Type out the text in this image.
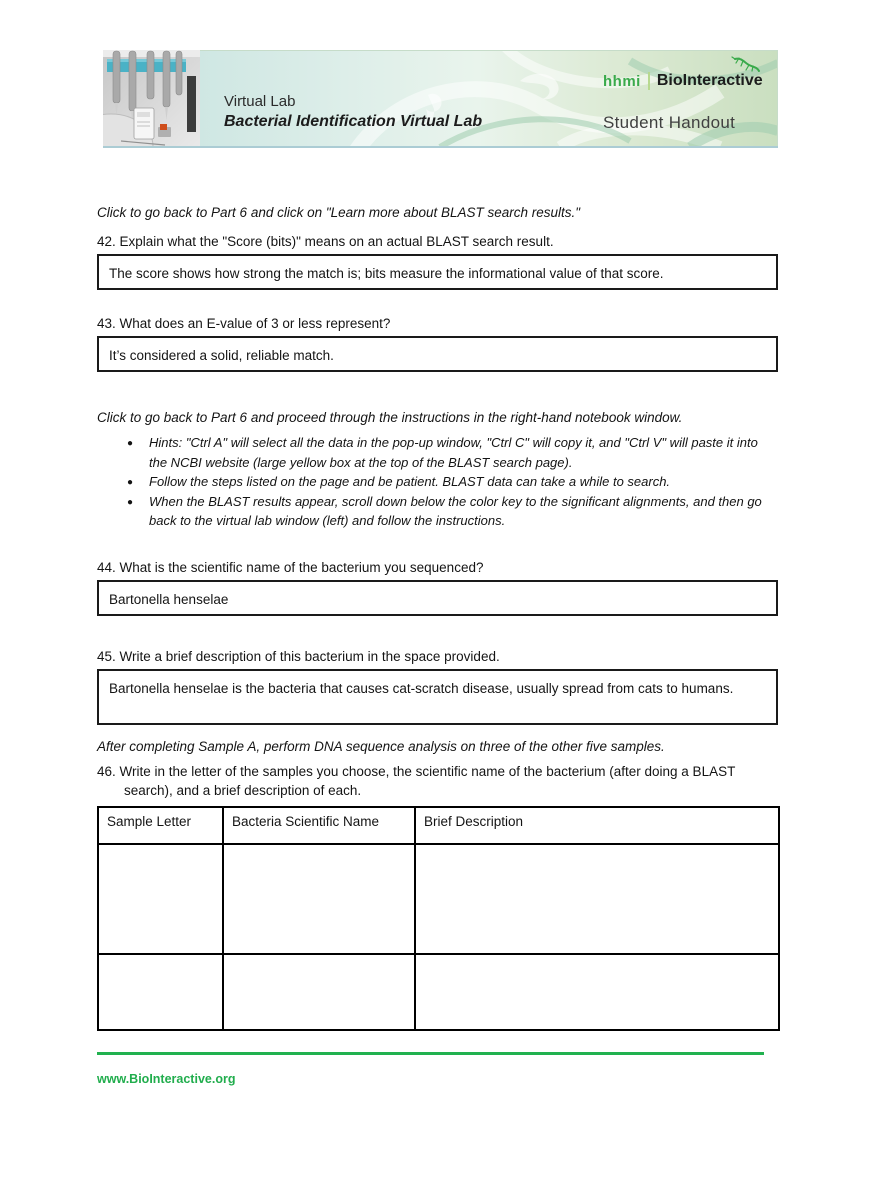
Virtual Lab
Bacterial Identification Virtual Lab
hhmi BioInteractive
Student Handout
Click to go back to Part 6 and click on "Learn more about BLAST search results."
42. Explain what the "Score (bits)" means on an actual BLAST search result.
The score shows how strong the match is; bits measure the informational value of that score.
43. What does an E-value of 3 or less represent?
It’s considered a solid, reliable match.
Click to go back to Part 6 and proceed through the instructions in the right-hand notebook window.
● Hints: "Ctrl A" will select all the data in the pop-up window, "Ctrl C" will copy it, and "Ctrl V" will paste it into the NCBI website (large yellow box at the top of the BLAST search page).
● Follow the steps listed on the page and be patient. BLAST data can take a while to search.
● When the BLAST results appear, scroll down below the color key to the significant alignments, and then go back to the virtual lab window (left) and follow the instructions.
44. What is the scientific name of the bacterium you sequenced?
Bartonella henselae
45. Write a brief description of this bacterium in the space provided.
Bartonella henselae is the bacteria that causes cat-scratch disease, usually spread from cats to humans.
After completing Sample A, perform DNA sequence analysis on three of the other five samples.
46. Write in the letter of the samples you choose, the scientific name of the bacterium (after doing a BLAST search), and a brief description of each.
Sample Letter	Bacteria Scientific Name	Brief Description

www.BioInteractive.org
